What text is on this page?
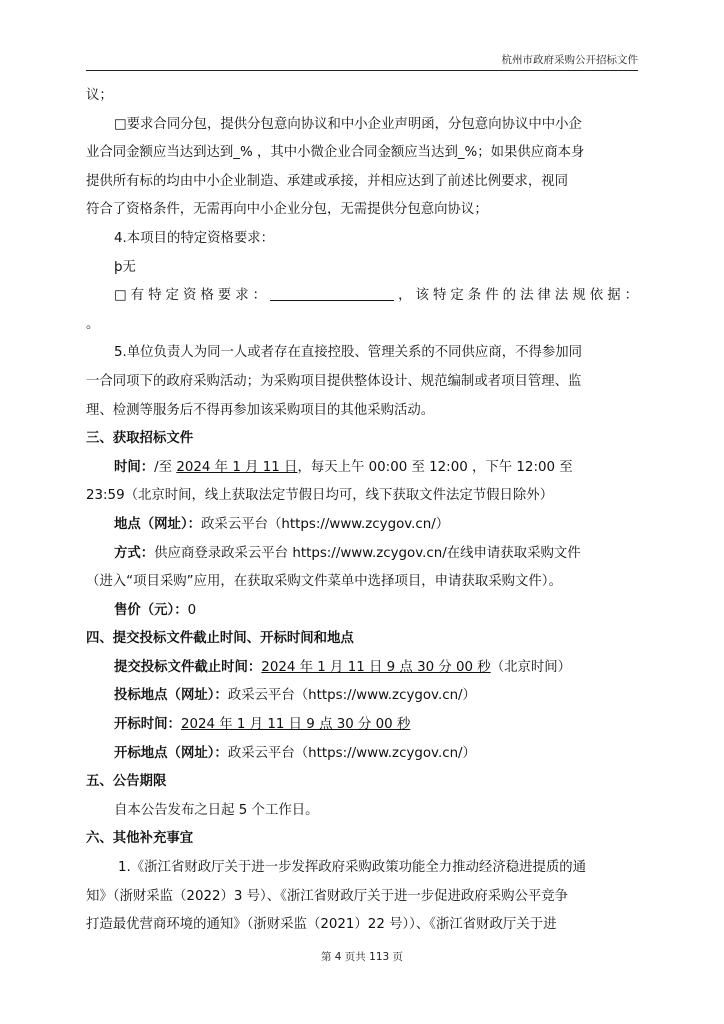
杭州市政府采购公开招标文件
议；
□要求合同分包，提供分包意向协议和中小企业声明函，分包意向协议中中小企
业合同金额应当达到达到_% ，其中小微企业合同金额应当达到_%；如果供应商本身
提供所有标的均由中小企业制造、承建或承接，并相应达到了前述比例要求，视同
符合了资格条件，无需再向中小企业分包，无需提供分包意向协议；
4.本项目的特定资格要求：
þ无
□有特定资格要求：	，该特定条件的法律法规依据：
。
5.单位负责人为同一人或者存在直接控股、管理关系的不同供应商，不得参加同
一合同项下的政府采购活动；为采购项目提供整体设计、规范编制或者项目管理、监
理、检测等服务后不得再参加该采购项目的其他采购活动。
三、获取招标文件
时间：/至 2024 年 1 月 11 日，每天上午 00:00 至 12:00 ，下午 12:00 至
23:59（北京时间，线上获取法定节假日均可，线下获取文件法定节假日除外）
地点（网址）：政采云平台（https://www.zcygov.cn/）
方式：供应商登录政采云平台 https://www.zcygov.cn/在线申请获取采购文件
（进入“项目采购”应用，在获取采购文件菜单中选择项目，申请获取采购文件）。
售价（元）：0
四、提交投标文件截止时间、开标时间和地点
提交投标文件截止时间：2024 年 1 月 11 日 9 点 30 分 00 秒（北京时间）
投标地点（网址）：政采云平台（https://www.zcygov.cn/）
开标时间：2024 年 1 月 11 日 9 点 30 分 00 秒
开标地点（网址）：政采云平台（https://www.zcygov.cn/）
五、公告期限
自本公告发布之日起 5 个工作日。
六、其他补充事宜
1.《浙江省财政厅关于进一步发挥政府采购政策功能全力推动经济稳进提质的通
知》（浙财采监（2022）3 号）、《浙江省财政厅关于进一步促进政府采购公平竞争
打造最优营商环境的通知》（浙财采监（2021）22 号））、《浙江省财政厅关于进
第 4 页共 113 页
